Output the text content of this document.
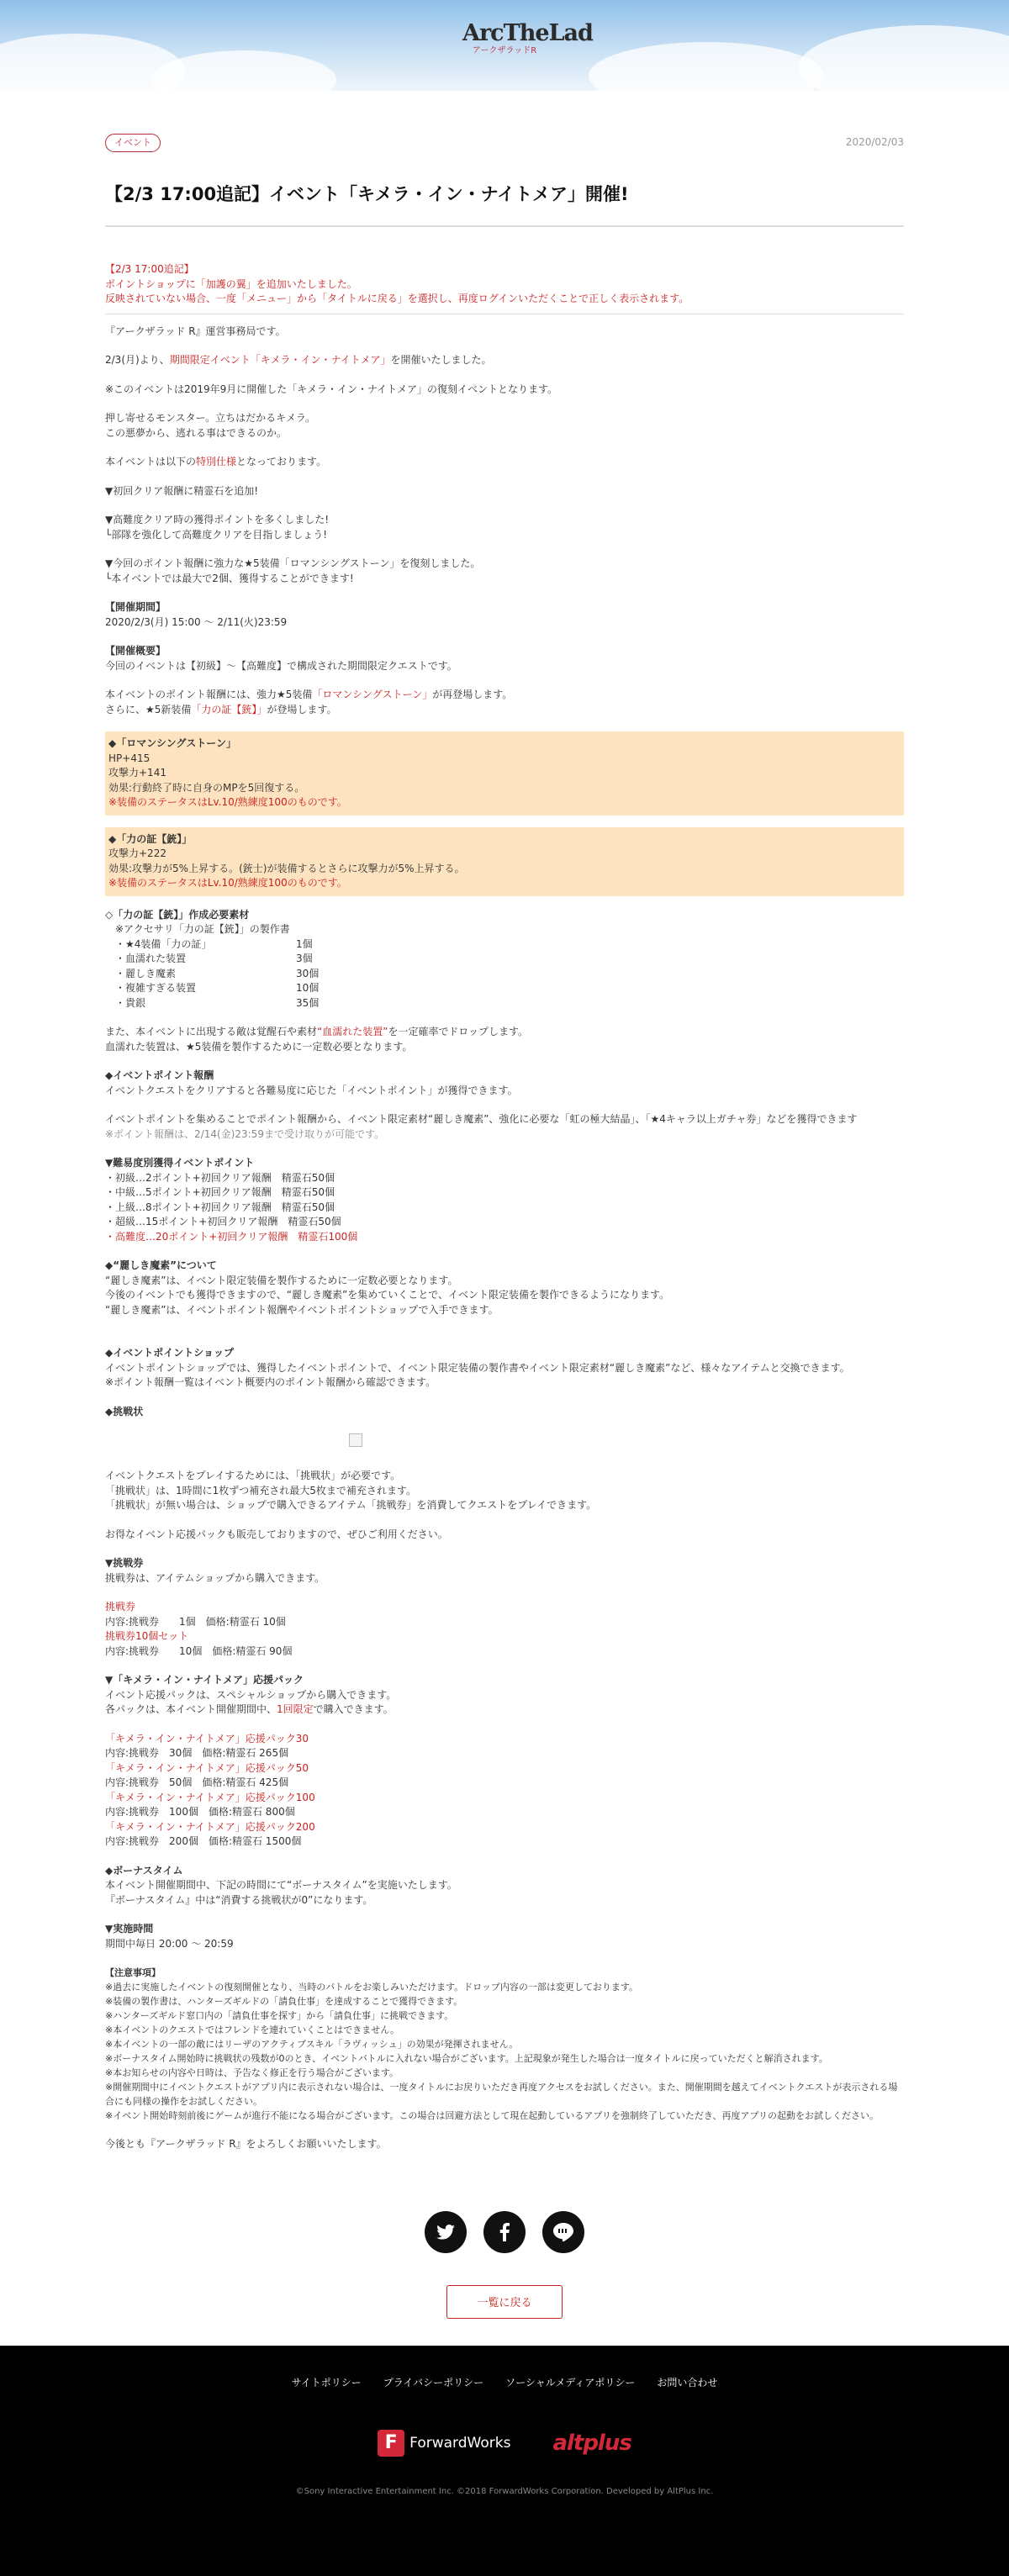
ArcTheLad
アークザラッドR
イベント	2020/02/03
【2/3 17:00追記】イベント「キメラ・イン・ナイトメア」開催!
【2/3 17:00追記】
ポイントショップに「加護の翼」を追加いたしました。
反映されていない場合、一度「メニュー」から「タイトルに戻る」を選択し、再度ログインいただくことで正しく表示されます。

『アークザラッド R』運営事務局です。

2/3(月)より、期間限定イベント「キメラ・イン・ナイトメア」を開催いたしました。

※このイベントは2019年9月に開催した「キメラ・イン・ナイトメア」の復刻イベントとなります。

押し寄せるモンスター。立ちはだかるキメラ。
この悪夢から、逃れる事はできるのか。

本イベントは以下の特別仕様となっております。

▼初回クリア報酬に精霊石を追加!

▼高難度クリア時の獲得ポイントを多くしました!
└部隊を強化して高難度クリアを目指しましょう!

▼今回のポイント報酬に強力な★5装備「ロマンシングストーン」を復刻しました。
└本イベントでは最大で2個、獲得することができます!

【開催期間】
2020/2/3(月) 15:00 〜 2/11(火)23:59

【開催概要】
今回のイベントは【初級】〜【高難度】で構成された期間限定クエストです。

本イベントのポイント報酬には、強力★5装備「ロマンシングストーン」が再登場します。
さらに、★5新装備「力の証【銃】」が登場します。

◆「ロマンシングストーン」

HP+415

攻撃力+141

効果:行動終了時に自身のMPを5回復する。

※装備のステータスはLv.10/熟練度100のものです。

◆「力の証【銃】」

攻撃力+222

効果:攻撃力が5%上昇する。(銃士)が装備するとさらに攻撃力が5%上昇する。

※装備のステータスはLv.10/熟練度100のものです。

◇「力の証【銃】」作成必要素材
※アクセサリ「力の証【銃】」の製作書
・★4装備「力の証」	1個
・血濡れた装置	3個
・麗しき魔素	30個
・複雑すぎる装置	10個
・貴銀	35個

また、本イベントに出現する敵は覚醒石や素材“血濡れた装置”を一定確率でドロップします。
血濡れた装置は、★5装備を製作するために一定数必要となります。

◆イベントポイント報酬
イベントクエストをクリアすると各難易度に応じた「イベントポイント」が獲得できます。

イベントポイントを集めることでポイント報酬から、イベント限定素材“麗しき魔素”、強化に必要な「虹の極大結晶」、「★4キャラ以上ガチャ券」などを獲得できます
※ポイント報酬は、2/14(金)23:59まで受け取りが可能です。

▼難易度別獲得イベントポイント
・初級…2ポイント+初回クリア報酬　精霊石50個
・中級…5ポイント+初回クリア報酬　精霊石50個
・上級…8ポイント+初回クリア報酬　精霊石50個
・超級…15ポイント+初回クリア報酬　精霊石50個
・高難度…20ポイント+初回クリア報酬　精霊石100個

◆“麗しき魔素”について
“麗しき魔素”は、イベント限定装備を製作するために一定数必要となります。
今後のイベントでも獲得できますので、“麗しき魔素”を集めていくことで、イベント限定装備を製作できるようになります。
“麗しき魔素”は、イベントポイント報酬やイベントポイントショップで入手できます。

◆イベントポイントショップ
イベントポイントショップでは、獲得したイベントポイントで、イベント限定装備の製作書やイベント限定素材“麗しき魔素”など、様々なアイテムと交換できます。
※ポイント報酬一覧はイベント概要内のポイント報酬から確認できます。

◆挑戦状

イベントクエストをプレイするためには、「挑戦状」が必要です。
「挑戦状」は、1時間に1枚ずつ補充され最大5枚まで補充されます。
「挑戦状」が無い場合は、ショップで購入できるアイテム「挑戦券」を消費してクエストをプレイできます。

お得なイベント応援パックも販売しておりますので、ぜひご利用ください。

▼挑戦券
挑戦券は、アイテムショップから購入できます。

挑戦券
内容:挑戦券　　1個　価格:精霊石 10個
挑戦券10個セット
内容:挑戦券　　10個　価格:精霊石 90個

▼「キメラ・イン・ナイトメア」応援パック
イベント応援パックは、スペシャルショップから購入できます。
各パックは、本イベント開催期間中、1回限定で購入できます。

「キメラ・イン・ナイトメア」応援パック30
内容:挑戦券　30個　価格:精霊石 265個
「キメラ・イン・ナイトメア」応援パック50
内容:挑戦券　50個　価格:精霊石 425個
「キメラ・イン・ナイトメア」応援パック100
内容:挑戦券　100個　価格:精霊石 800個
「キメラ・イン・ナイトメア」応援パック200
内容:挑戦券　200個　価格:精霊石 1500個

◆ボーナスタイム
本イベント開催期間中、下記の時間にて“ボーナスタイム”を実施いたします。
『ボーナスタイム』中は“消費する挑戦状が0”になります。

▼実施時間
期間中毎日 20:00 〜 20:59

【注意事項】
※過去に実施したイベントの復刻開催となり、当時のバトルをお楽しみいただけます。ドロップ内容の一部は変更しております。
※装備の製作書は、ハンターズギルドの「請負仕事」を達成することで獲得できます。
※ハンターズギルド窓口内の「請負仕事を探す」から「請負仕事」に挑戦できます。
※本イベントのクエストではフレンドを連れていくことはできません。
※本イベントの一部の敵にはリーザのアクティブスキル「ラヴィッシュ」の効果が発揮されません。
※ボーナスタイム開始時に挑戦状の残数が0のとき、イベントバトルに入れない場合がございます。上記現象が発生した場合は一度タイトルに戻っていただくと解消されます。
※本お知らせの内容や日時は、予告なく修正を行う場合がございます。
※開催期間中にイベントクエストがアプリ内に表示されない場合は、一度タイトルにお戻りいただき再度アクセスをお試しください。また、開催期間を越えてイベントクエストが表示される場合にも同様の操作をお試しください。
※イベント開始時刻前後にゲームが進行不能になる場合がございます。この場合は回避方法として現在起動しているアプリを強制終了していただき、再度アプリの起動をお試しください。

今後とも『アークザラッド R』をよろしくお願いいたします。

一覧に戻る
サイトポリシー プライバシーポリシー ソーシャルメディアポリシー お問い合わせ
F ForwardWorks altplus
©Sony Interactive Entertainment Inc. ©2018 ForwardWorks Corporation. Developed by AltPlus Inc.
